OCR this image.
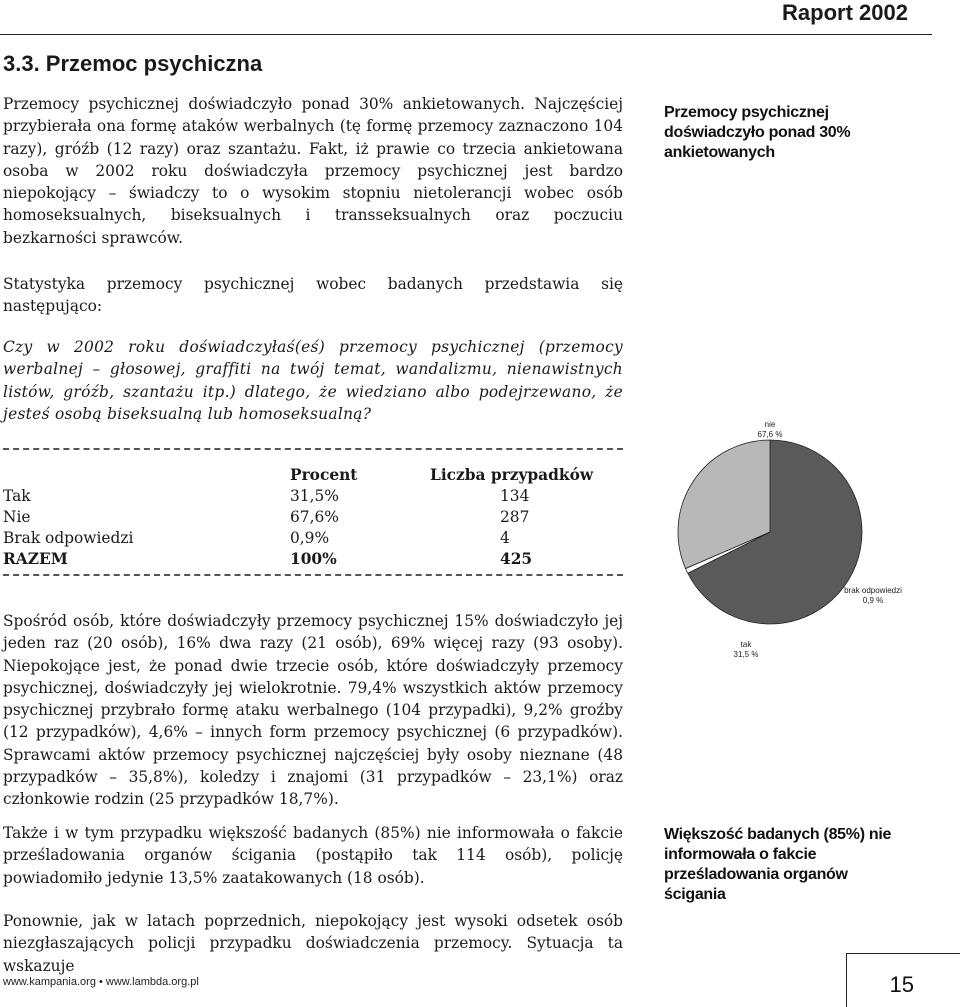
Raport 2002
3.3. Przemoc psychiczna

Przemocy psychicznej doświadczyło ponad 30% ankietowanych. Najczęściej przybierała ona formę ataków werbalnych (tę formę przemocy zaznaczono 104 razy), gróźb (12 razy) oraz szantażu. Fakt, iż prawie co trzecia ankietowana osoba w 2002 roku doświadczyła przemocy psychicznej jest bardzo niepokojący – świadczy to o wysokim stopniu nietolerancji wobec osób homoseksualnych, biseksualnych i transseksualnych oraz poczuciu bezkarności sprawców.

Statystyka przemocy psychicznej wobec badanych przedstawia się następująco:

Czy w 2002 roku doświadczyłaś(eś) przemocy psychicznej (przemocy werbalnej – głosowej, graffiti na twój temat, wandalizmu, nienawistnych listów, gróźb, szantażu itp.) dlatego, że wiedziano albo podejrzewano, że jesteś osobą biseksualną lub homoseksualną?

Przemocy psychicznej doświadczyło ponad 30% ankietowanych
	Procent	Liczba przypadków
Tak	31,5%	134
Nie	67,6%	287
Brak odpowiedzi	0,9%	4
RAZEM	100%	425
nie
67,6 %
brak odpowiedzi
0,9 %
tak
31,5 %

Spośród osób, które doświadczyły przemocy psychicznej 15% doświadczyło jej jeden raz (20 osób), 16% dwa razy (21 osób), 69% więcej razy (93 osoby). Niepokojące jest, że ponad dwie trzecie osób, które doświadczyły przemocy psychicznej, doświadczyły jej wielokrotnie. 79,4% wszystkich aktów przemocy psychicznej przybrało formę ataku werbalnego (104 przypadki), 9,2% groźby (12 przypadków), 4,6% – innych form przemocy psychicznej (6 przypadków). Sprawcami aktów przemocy psychicznej najczęściej były osoby nieznane (48 przypadków – 35,8%), koledzy i znajomi (31 przypadków – 23,1%) oraz członkowie rodzin (25 przypadków 18,7%).

Także i w tym przypadku większość badanych (85%) nie informowała o fakcie prześladowania organów ścigania (postąpiło tak 114 osób), policję powiadomiło jedynie 13,5% zaatakowanych (18 osób).

Większość badanych (85%) nie informowała o fakcie prześladowania organów ścigania

Ponownie, jak w latach poprzednich, niepokojący jest wysoki odsetek osób niezgłaszających policji przypadku doświadczenia przemocy. Sytuacja ta wskazuje

www.kampania.org • www.lambda.org.pl	15
